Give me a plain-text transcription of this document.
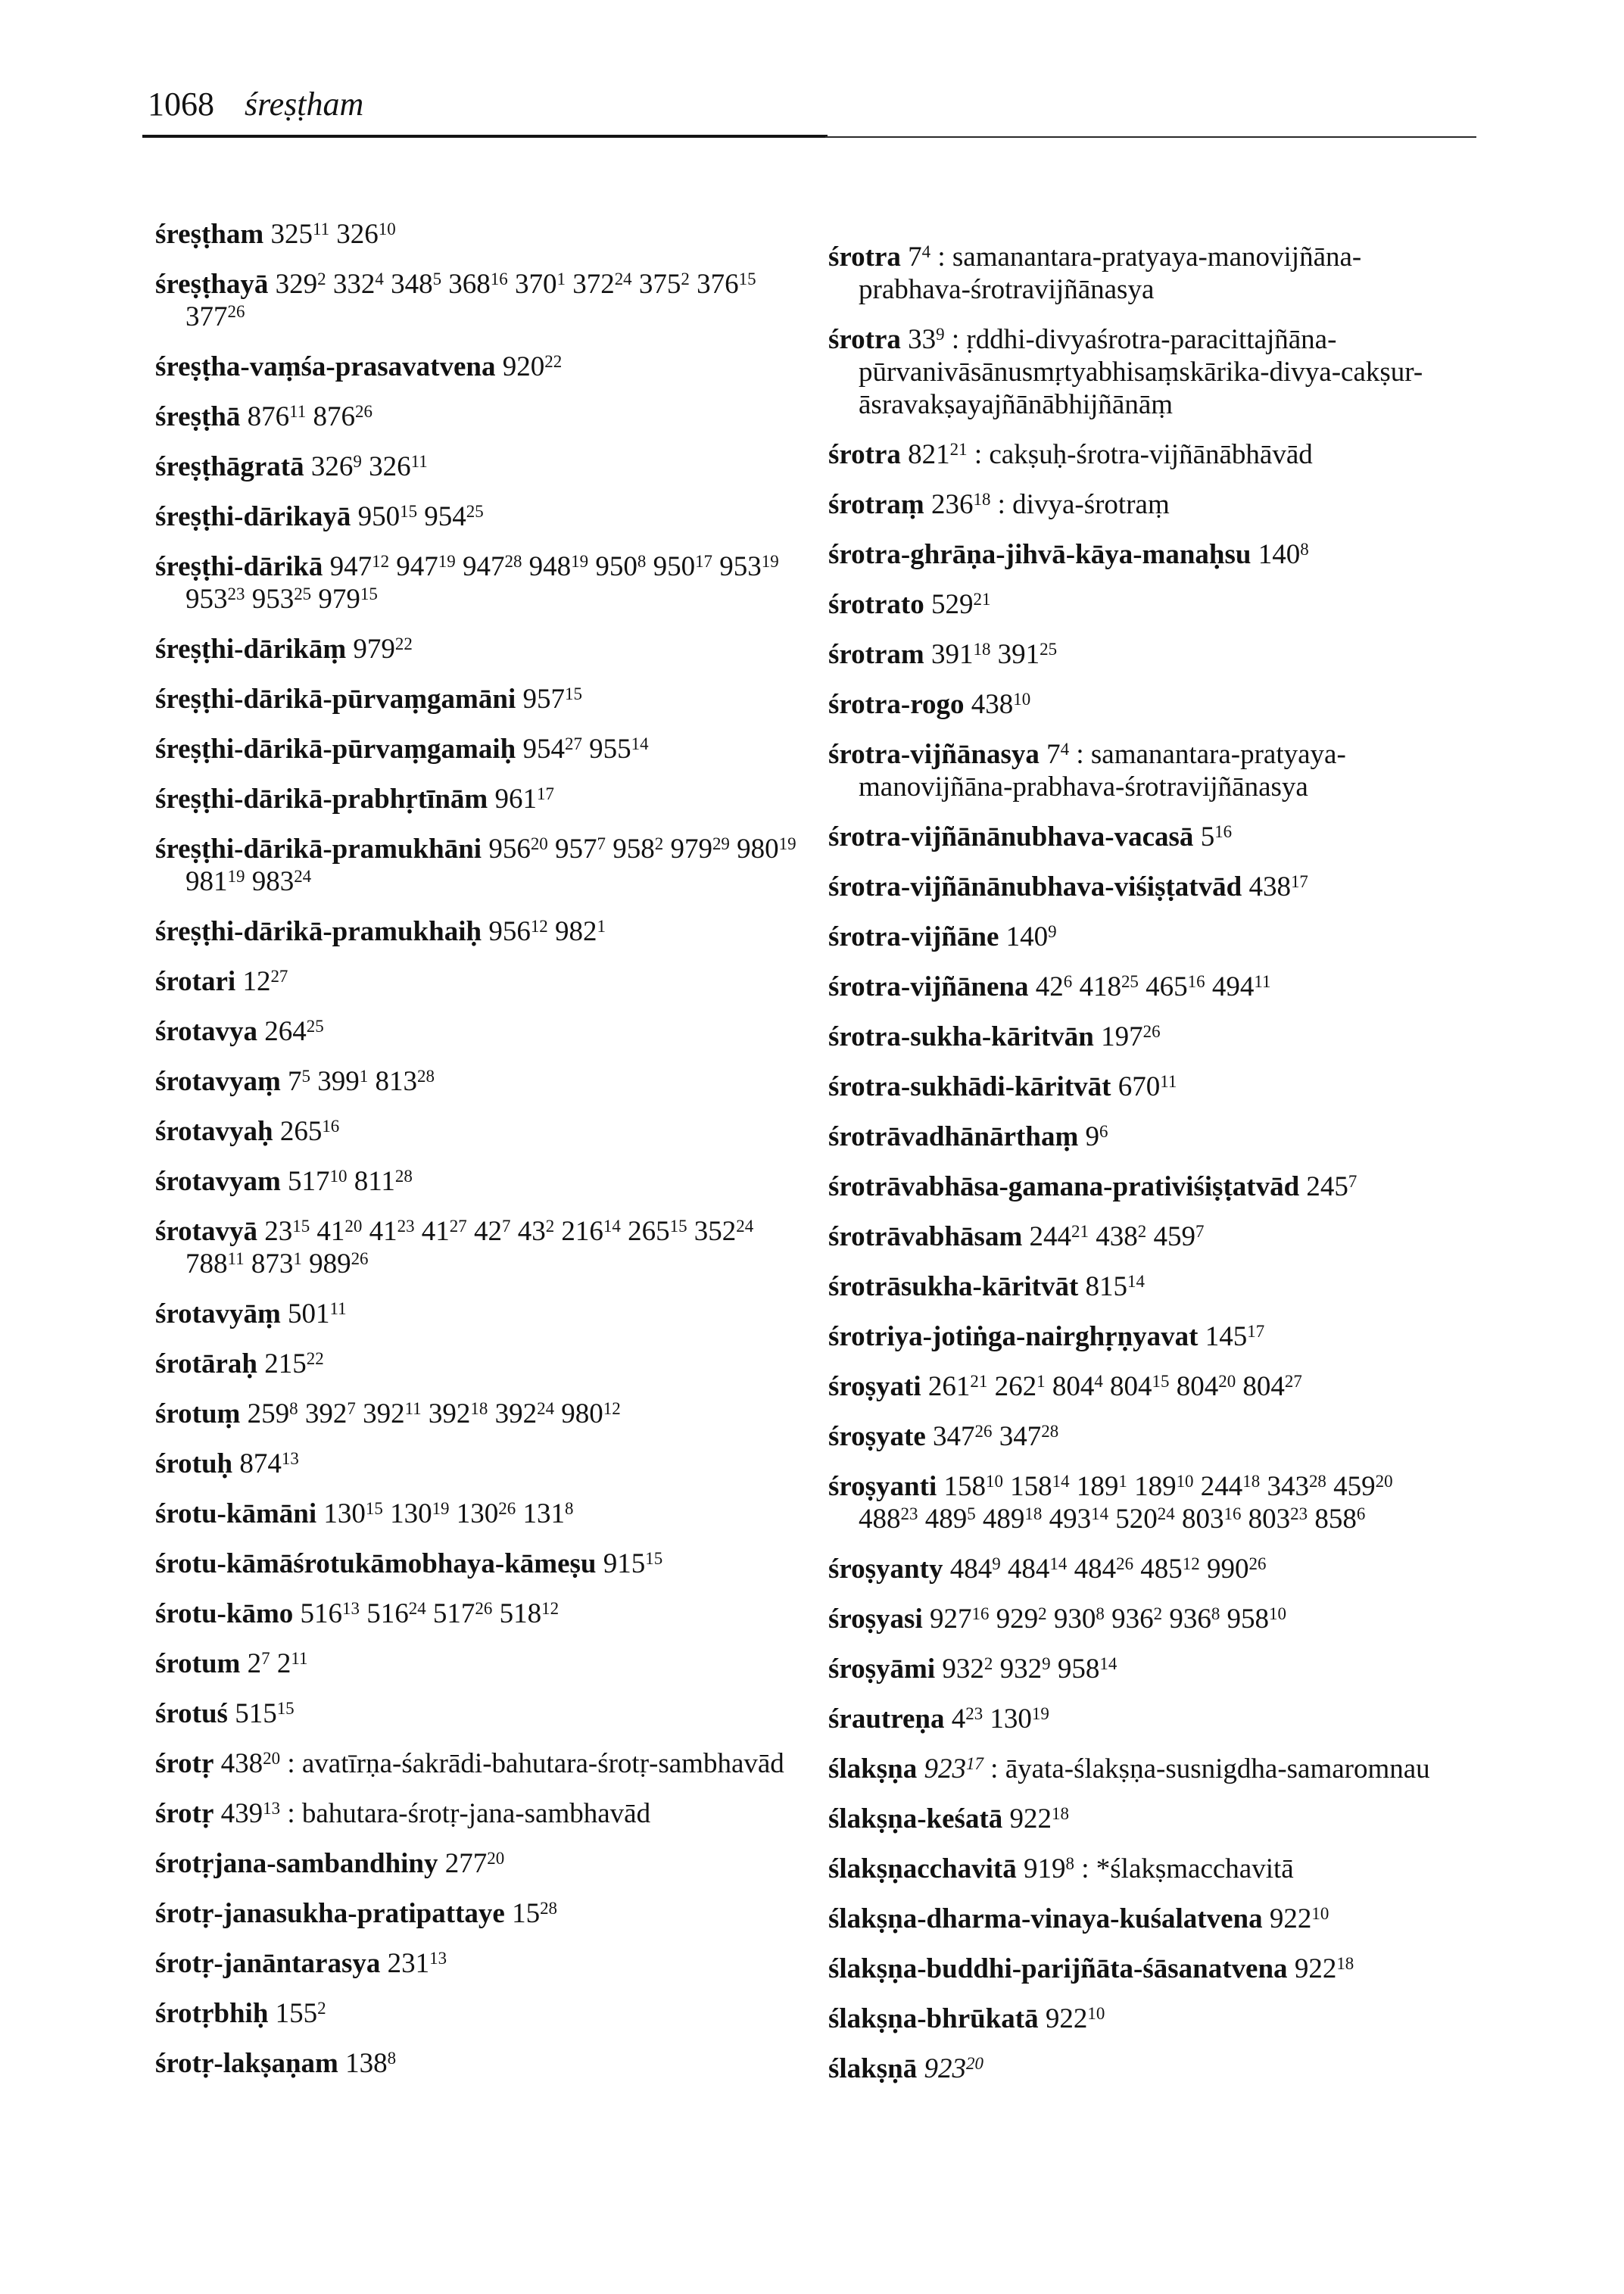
1068 śreṣṭham
śreṣṭham $325^{11}$ $326^{10}$
śreṣṭhayā $329^2$ $332^4$ $348^5$ $368^{16}$ $370^1$ $372^{24}$ $375^2$ $376^{15}$ $377^{26}$
śreṣṭha-vaṃśa-prasavatvena $920^{22}$
śreṣṭhā $876^{11}$ $876^{26}$
śreṣṭhāgratā $326^9$ $326^{11}$
śreṣṭhi-dārikayā $950^{15}$ $954^{25}$
śreṣṭhi-dārikā $947^{12}$ $947^{19}$ $947^{28}$ $948^{19}$ $950^8$ $950^{17}$ $953^{19}$ $953^{23}$ $953^{25}$ $979^{15}$
śreṣṭhi-dārikāṃ $979^{22}$
śreṣṭhi-dārikā-pūrvaṃgamāni $957^{15}$
śreṣṭhi-dārikā-pūrvaṃgamaiḥ $954^{27}$ $955^{14}$
śreṣṭhi-dārikā-prabhṛtīnām $961^{17}$
śreṣṭhi-dārikā-pramukhāni $956^{20}$ $957^7$ $958^2$ $979^{29}$ $980^{19}$ $981^{19}$ $983^{24}$
śreṣṭhi-dārikā-pramukhaiḥ $956^{12}$ $982^1$
śrotari $12^{27}$
śrotavya $264^{25}$
śrotavyaṃ $7^5$ $399^1$ $813^{28}$
śrotavyaḥ $265^{16}$
śrotavyam $517^{10}$ $811^{28}$
śrotavyā $23^{15}$ $41^{20}$ $41^{23}$ $41^{27}$ $42^7$ $43^2$ $216^{14}$ $265^{15}$ $352^{24}$ $788^{11}$ $873^1$ $989^{26}$
śrotavyāṃ $501^{11}$
śrotāraḥ $215^{22}$
śrotuṃ $259^8$ $392^7$ $392^{11}$ $392^{18}$ $392^{24}$ $980^{12}$
śrotuḥ $874^{13}$
śrotu-kāmāni $130^{15}$ $130^{19}$ $130^{26}$ $131^8$
śrotu-kāmāśrotukāmobhaya-kāmeṣu $915^{15}$
śrotu-kāmo $516^{13}$ $516^{24}$ $517^{26}$ $518^{12}$
śrotum $2^7$ $2^{11}$
śrotuś $515^{15}$
śrotṛ $438^{20}$ : avatīrṇa-śakrādi-bahutara-śrotṛ-sambhavād
śrotṛ $439^{13}$ : bahutara-śrotṛ-jana-sambhavād
śrotṛjana-sambandhiny $277^{20}$
śrotṛ-janasukha-pratipattaye $15^{28}$
śrotṛ-janāntarasya $231^{13}$
śrotṛbhiḥ $155^2$
śrotṛ-lakṣaṇam $138^8$
śrotra $7^4$ : samanantara-pratyaya-manovijñāna-prabhava-śrotravijñānasya
śrotra $33^9$ : ṛddhi-divyaśrotra-paracittajñāna-pūrvanivāsānusmṛtyabhisaṃskārika-divya-cakṣur-āsravakṣayajñānābhijñānāṃ
śrotra $821^{21}$ : cakṣuḥ-śrotra-vijñānābhāvād
śrotraṃ $236^{18}$ : divya-śrotraṃ
śrotra-ghrāṇa-jihvā-kāya-manaḥsu $140^8$
śrotrato $529^{21}$
śrotram $391^{18}$ $391^{25}$
śrotra-rogo $438^{10}$
śrotra-vijñānasya $7^4$ : samanantara-pratyaya-manovijñāna-prabhava-śrotravijñānasya
śrotra-vijñānānubhava-vacasā $5^{16}$
śrotra-vijñānānubhava-viśiṣṭatvād $438^{17}$
śrotra-vijñāne $140^9$
śrotra-vijñānena $42^6$ $418^{25}$ $465^{16}$ $494^{11}$
śrotra-sukha-kāritvān $197^{26}$
śrotra-sukhādi-kāritvāt $670^{11}$
śrotrāvadhānārthaṃ $9^6$
śrotrāvabhāsa-gamana-prativiśiṣṭatvād $245^7$
śrotrāvabhāsam $244^{21}$ $438^2$ $459^7$
śrotrāsukha-kāritvāt $815^{14}$
śrotriya-jotiṅga-nairghṛṇyavat $145^{17}$
śroṣyati $261^{21}$ $262^1$ $804^4$ $804^{15}$ $804^{20}$ $804^{27}$
śroṣyate $347^{26}$ $347^{28}$
śroṣyanti $158^{10}$ $158^{14}$ $189^1$ $189^{10}$ $244^{18}$ $343^{28}$ $459^{20}$ $488^{23}$ $489^5$ $489^{18}$ $493^{14}$ $520^{24}$ $803^{16}$ $803^{23}$ $858^6$
śroṣyanty $484^9$ $484^{14}$ $484^{26}$ $485^{12}$ $990^{26}$
śroṣyasi $927^{16}$ $929^2$ $930^8$ $936^2$ $936^8$ $958^{10}$
śroṣyāmi $932^2$ $932^9$ $958^{14}$
śrautreṇa $4^{23}$ $130^{19}$
ślakṣṇa $923^{17}$ : āyata-ślakṣṇa-susnigdha-samaromnau
ślakṣṇa-keśatā $922^{18}$
ślakṣṇacchavitā $919^8$ : *ślakṣmacchavitā
ślakṣṇa-dharma-vinaya-kuśalatvena $922^{10}$
ślakṣṇa-buddhi-parijñāta-śāsanatvena $922^{18}$
ślakṣṇa-bhrūkatā $922^{10}$
ślakṣṇā $923^{20}$
